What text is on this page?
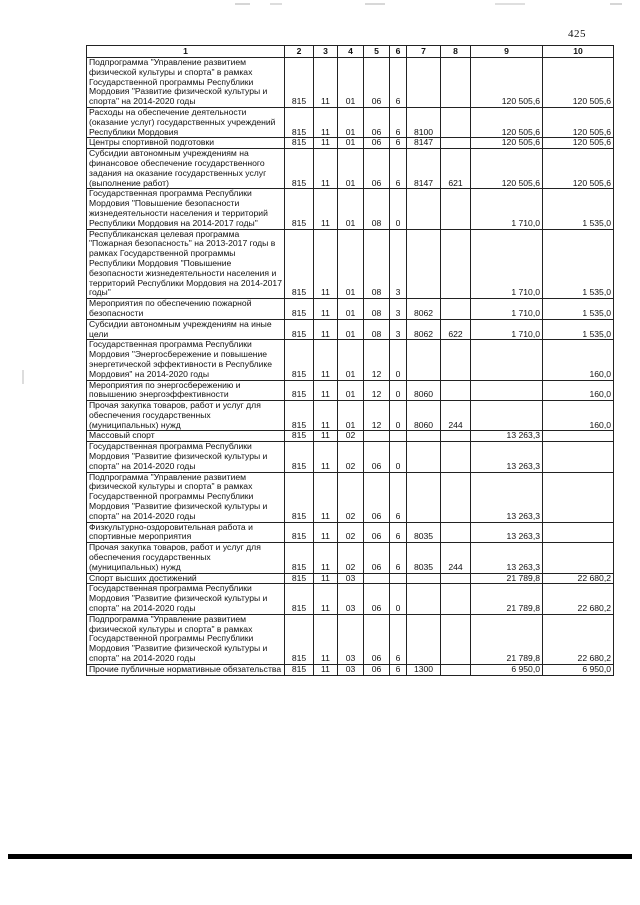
425
1	2	3	4	5	6	7	8	9	10
Подпрограмма "Управление развитием физической культуры и спорта" в рамках Государственной программы Республики Мордовия "Развитие физической культуры и спорта" на 2014-2020 годы	815	11	01	06	6			120 505,6	120 505,6
Расходы на обеспечение деятельности (оказание услуг) государственных учреждений Республики Мордовия	815	11	01	06	6	8100		120 505,6	120 505,6
Центры спортивной подготовки	815	11	01	06	6	8147		120 505,6	120 505,6
Субсидии автономным учреждениям на финансовое обеспечение государственного задания на оказание государственных услуг (выполнение работ)	815	11	01	06	6	8147	621	120 505,6	120 505,6
Государственная программа Республики Мордовия "Повышение безопасности жизнедеятельности населения и территорий Республики Мордовия на 2014-2017 годы"	815	11	01	08	0			1 710,0	1 535,0
Республиканская целевая программа "Пожарная безопасность" на 2013-2017 годы в рамках Государственной программы Республики Мордовия "Повышение безопасности жизнедеятельности населения и территорий Республики Мордовия на 2014-2017 годы"	815	11	01	08	3			1 710,0	1 535,0
Мероприятия по обеспечению пожарной безопасности	815	11	01	08	3	8062		1 710,0	1 535,0
Субсидии автономным учреждениям на иные цели	815	11	01	08	3	8062	622	1 710,0	1 535,0
Государственная программа Республики Мордовия "Энергосбережение и повышение энергетической эффективности в Республике Мордовия" на 2014-2020 годы	815	11	01	12	0				160,0
Мероприятия по энергосбережению и повышению энергоэффективности	815	11	01	12	0	8060			160,0
Прочая закупка товаров, работ и услуг для обеспечения государственных (муниципальных) нужд	815	11	01	12	0	8060	244		160,0
Массовый спорт	815	11	02					13 263,3	
Государственная программа Республики Мордовия "Развитие физической культуры и спорта" на 2014-2020 годы	815	11	02	06	0			13 263,3	
Подпрограмма "Управление развитием физической культуры и спорта" в рамках Государственной программы Республики Мордовия "Развитие физической культуры и спорта" на 2014-2020 годы	815	11	02	06	6			13 263,3	
Физкультурно-оздоровительная работа и спортивные мероприятия	815	11	02	06	6	8035		13 263,3	
Прочая закупка товаров, работ и услуг для обеспечения государственных (муниципальных) нужд	815	11	02	06	6	8035	244	13 263,3	
Спорт высших достижений	815	11	03					21 789,8	22 680,2
Государственная программа Республики Мордовия "Развитие физической культуры и спорта" на 2014-2020 годы	815	11	03	06	0			21 789,8	22 680,2
Подпрограмма "Управление развитием физической культуры и спорта" в рамках Государственной программы Республики Мордовия "Развитие физической культуры и спорта" на 2014-2020 годы	815	11	03	06	6			21 789,8	22 680,2
Прочие публичные нормативные обязательства	815	11	03	06	6	1300		6 950,0	6 950,0
